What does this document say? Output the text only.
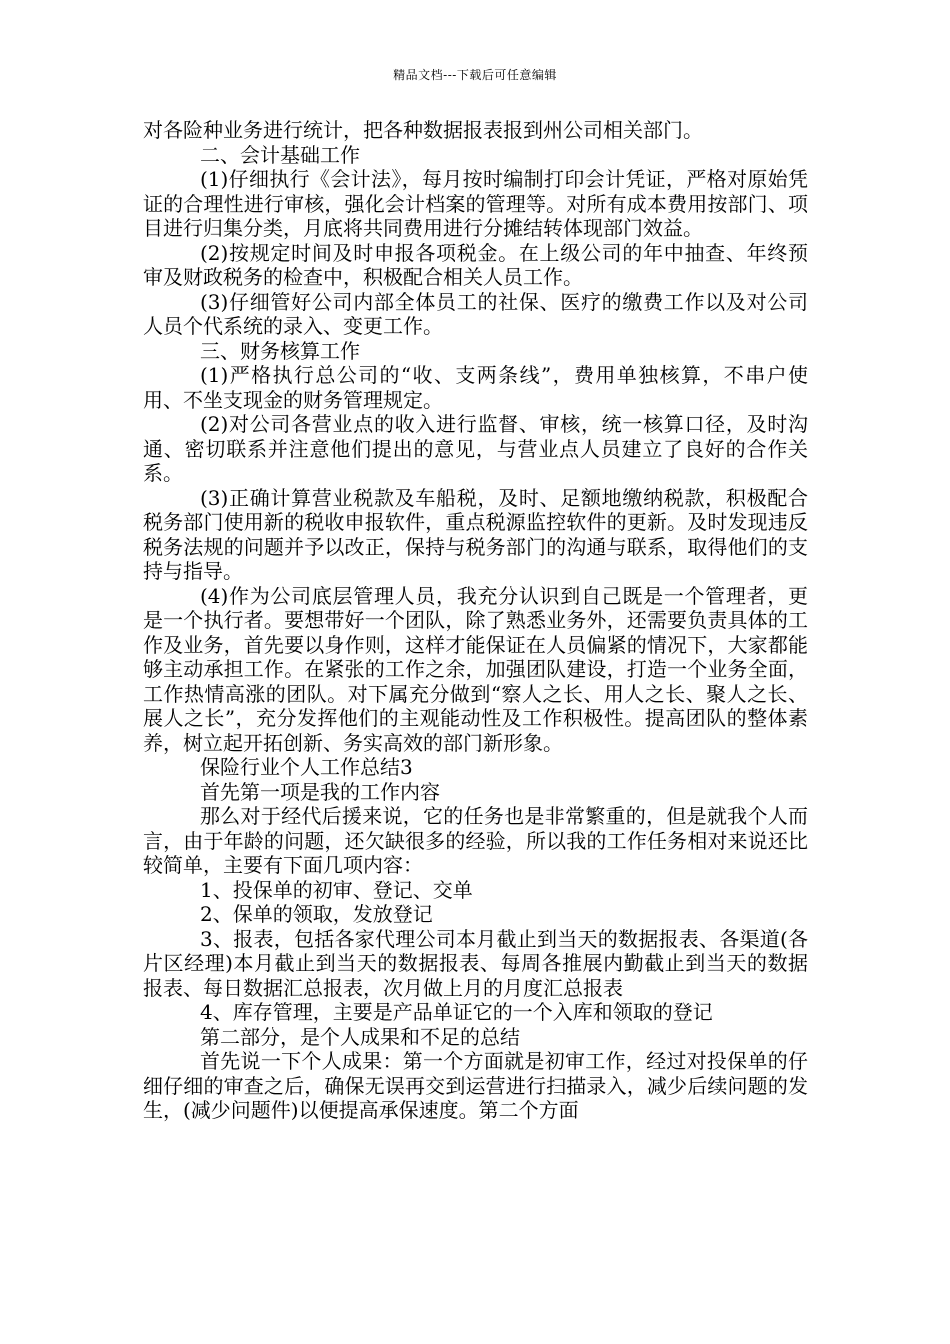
精品文档---下载后可任意编辑

对各险种业务进行统计，把各种数据报表报到州公司相关部门。

二、会计基础工作

(1)仔细执行《会计法》，每月按时编制打印会计凭证，严格对原始凭证的合理性进行审核，强化会计档案的管理等。对所有成本费用按部门、项目进行归集分类，月底将共同费用进行分摊结转体现部门效益。

(2)按规定时间及时申报各项税金。在上级公司的年中抽查、年终预审及财政税务的检查中，积极配合相关人员工作。

(3)仔细管好公司内部全体员工的社保、医疗的缴费工作以及对公司人员个代系统的录入、变更工作。

三、财务核算工作

(1)严格执行总公司的“收、支两条线”，费用单独核算，不串户使用、不坐支现金的财务管理规定。

(2)对公司各营业点的收入进行监督、审核，统一核算口径，及时沟通、密切联系并注意他们提出的意见，与营业点人员建立了良好的合作关系。

(3)正确计算营业税款及车船税，及时、足额地缴纳税款，积极配合税务部门使用新的税收申报软件，重点税源监控软件的更新。及时发现违反税务法规的问题并予以改正，保持与税务部门的沟通与联系，取得他们的支持与指导。

(4)作为公司底层管理人员，我充分认识到自己既是一个管理者，更是一个执行者。要想带好一个团队，除了熟悉业务外，还需要负责具体的工作及业务，首先要以身作则，这样才能保证在人员偏紧的情况下，大家都能够主动承担工作。在紧张的工作之余，加强团队建设，打造一个业务全面，工作热情高涨的团队。对下属充分做到“察人之长、用人之长、聚人之长、展人之长”，充分发挥他们的主观能动性及工作积极性。提高团队的整体素养，树立起开拓创新、务实高效的部门新形象。

保险行业个人工作总结3

首先第一项是我的工作内容

那么对于经代后援来说，它的任务也是非常繁重的，但是就我个人而言，由于年龄的问题，还欠缺很多的经验，所以我的工作任务相对来说还比较简单，主要有下面几项内容：

1、投保单的初审、登记、交单

2、保单的领取，发放登记

3、报表，包括各家代理公司本月截止到当天的数据报表、各渠道(各片区经理)本月截止到当天的数据报表、每周各推展内勤截止到当天的数据报表、每日数据汇总报表，次月做上月的月度汇总报表

4、库存管理，主要是产品单证它的一个入库和领取的登记

第二部分，是个人成果和不足的总结

首先说一下个人成果：第一个方面就是初审工作，经过对投保单的仔细仔细的审查之后，确保无误再交到运营进行扫描录入，减少后续问题的发生，(减少问题件)以便提高承保速度。第二个方面
